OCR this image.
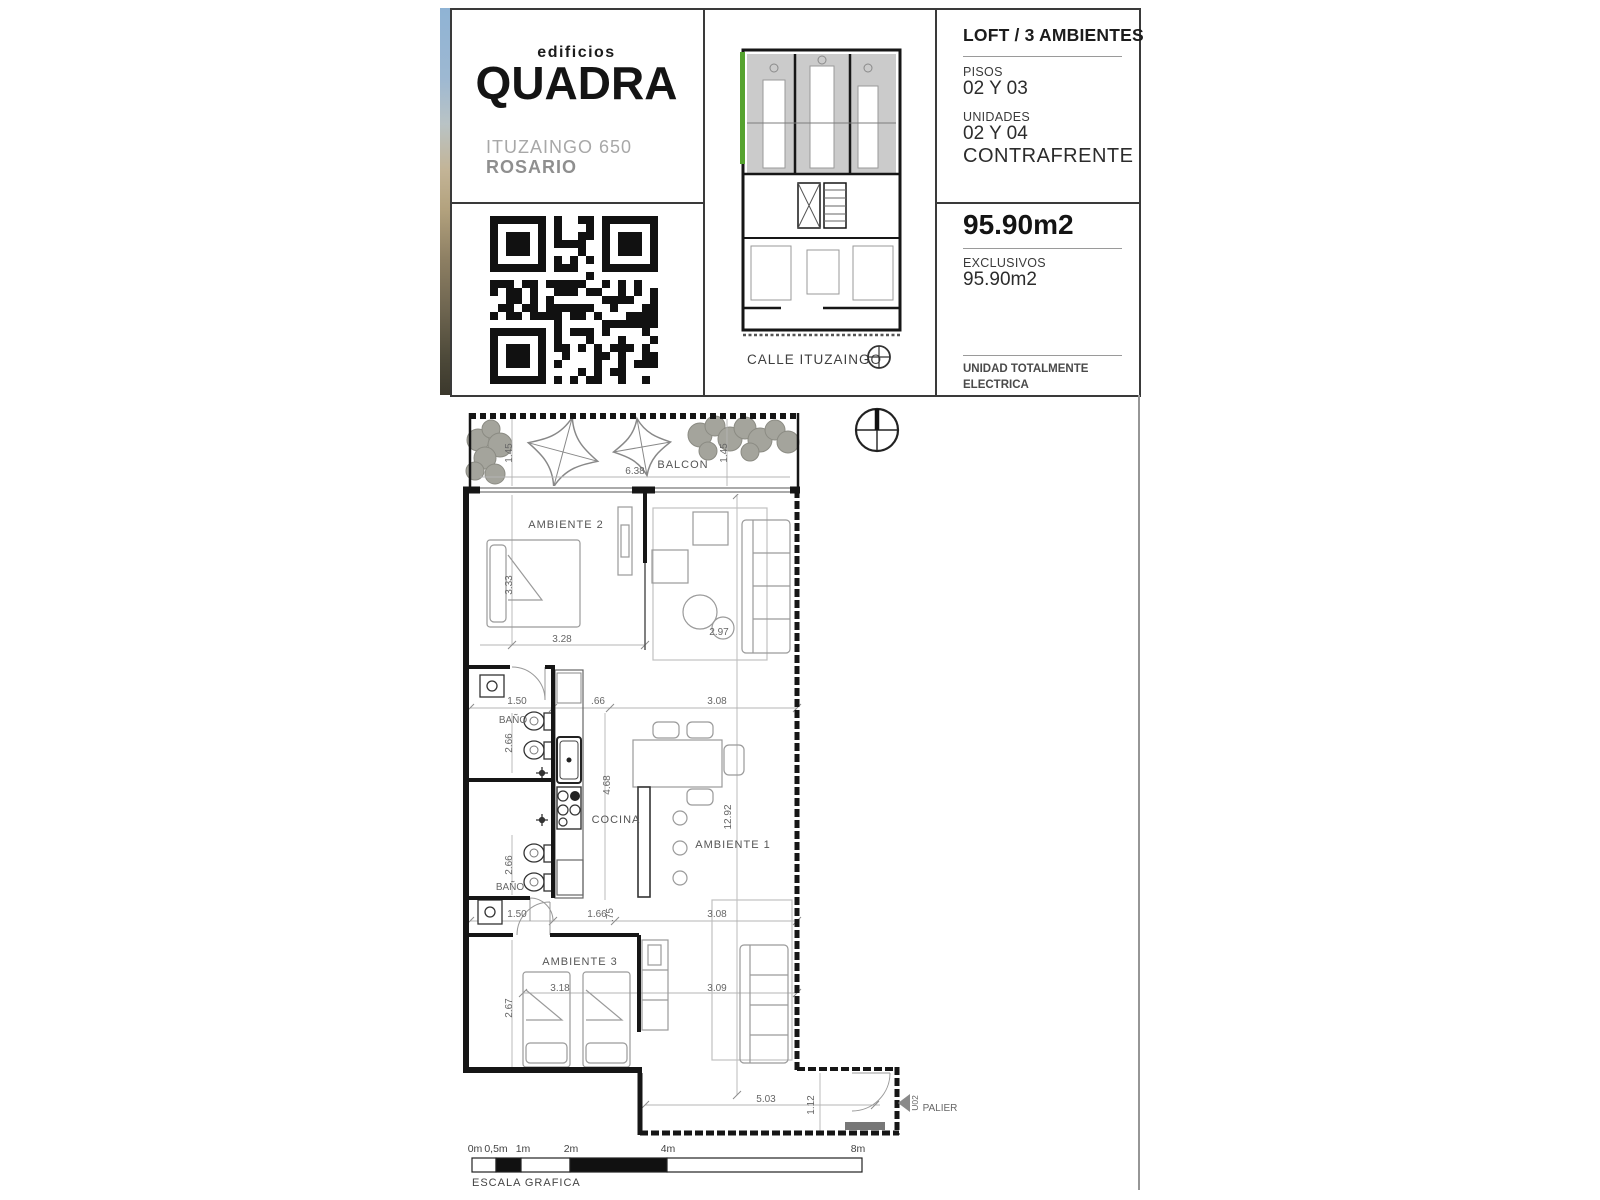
edificios
QUADRA
ITUZAINGO 650
ROSARIO
CALLE ITUZAINGO
LOFT / 3 AMBIENTES
PISOS
02 Y 03
UNIDADES
02 Y 04
CONTRAFRENTE
95.90m2
EXCLUSIVOS
95.90m2
UNIDAD TOTALMENTE ELECTRICA
BALCON
AMBIENTE 2
AMBIENTE 1
AMBIENTE 3
BAÑO
BAÑO
COCINA
PALIER
U02
1.45
6.38
1.45
3.33
3.28
2.97
1.50	.66	3.08
2.66
4.68
12.92
2.66
1.50	1.66
.75	3.08
3.18
2.67
3.09
5.03	1.12
0m 0,5m 1m	2m	4m	8m
ESCALA GRAFICA
